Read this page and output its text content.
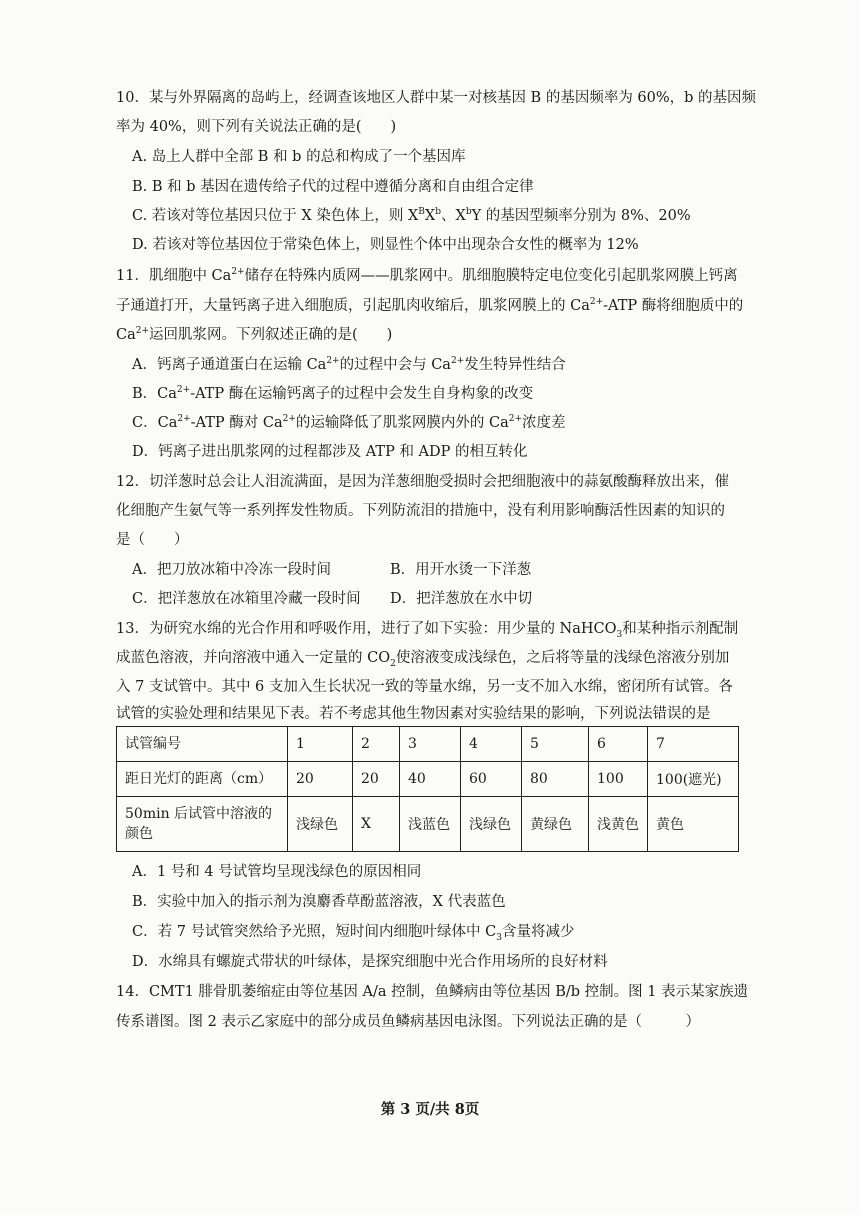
10．某与外界隔离的岛屿上，经调查该地区人群中某一对核基因 B 的基因频率为 60%，b 的基因频
率为 40%，则下列有关说法正确的是(　　)
A. 岛上人群中全部 B 和 b 的总和构成了一个基因库
B. B 和 b 基因在遗传给子代的过程中遵循分离和自由组合定律
C. 若该对等位基因只位于 X 染色体上，则 $X^BX^b$、$X^bY$ 的基因型频率分别为 8%、20%
D. 若该对等位基因位于常染色体上，则显性个体中出现杂合女性的概率为 12%
11．肌细胞中 $Ca^{2+}$储存在特殊内质网——肌浆网中。肌细胞膜特定电位变化引起肌浆网膜上钙离
子通道打开，大量钙离子进入细胞质，引起肌肉收缩后，肌浆网膜上的 $Ca^{2+}$-ATP 酶将细胞质中的
$Ca^{2+}$运回肌浆网。下列叙述正确的是(　　)
A．钙离子通道蛋白在运输 $Ca^{2+}$的过程中会与 $Ca^{2+}$发生特异性结合
B．$Ca^{2+}$-ATP 酶在运输钙离子的过程中会发生自身构象的改变
C．$Ca^{2+}$-ATP 酶对 $Ca^{2+}$的运输降低了肌浆网膜内外的 $Ca^{2+}$浓度差
D．钙离子进出肌浆网的过程都涉及 ATP 和 ADP 的相互转化
12．切洋葱时总会让人泪流满面，是因为洋葱细胞受损时会把细胞液中的蒜氨酸酶释放出来，催
化细胞产生氨气等一系列挥发性物质。下列防流泪的措施中，没有利用影响酶活性因素的知识的
是（　　）
A．把刀放冰箱中冷冻一段时间	B．用开水烫一下洋葱
C．把洋葱放在冰箱里冷藏一段时间 D．把洋葱放在水中切
13．为研究水绵的光合作用和呼吸作用，进行了如下实验：用少量的 NaHCO$_3$和某种指示剂配制
成蓝色溶液，并向溶液中通入一定量的 $CO_2$使溶液变成浅绿色，之后将等量的浅绿色溶液分别加
入 7 支试管中。其中 6 支加入生长状况一致的等量水绵，另一支不加入水绵，密闭所有试管。各
试管的实验处理和结果见下表。若不考虑其他生物因素对实验结果的影响，下列说法错误的是
试管编号	1	2	3	4	5	6	7
距日光灯的距离（cm）	20	20	40	60	80	100	100(遮光)
50min 后试管中溶液的颜色	浅绿色	X	浅蓝色	浅绿色	黄绿色	浅黄色	黄色
A．1 号和 4 号试管均呈现浅绿色的原因相同
B．实验中加入的指示剂为溴麝香草酚蓝溶液，X 代表蓝色
C．若 7 号试管突然给予光照，短时间内细胞叶绿体中 $C_3$含量将减少
D．水绵具有螺旋式带状的叶绿体，是探究细胞中光合作用场所的良好材料
14．CMT1 腓骨肌萎缩症由等位基因 A/a 控制，鱼鳞病由等位基因 B/b 控制。图 1 表示某家族遗
传系谱图。图 2 表示乙家庭中的部分成员鱼鳞病基因电泳图。下列说法正确的是（　　　）
第 3 页/共 8页
